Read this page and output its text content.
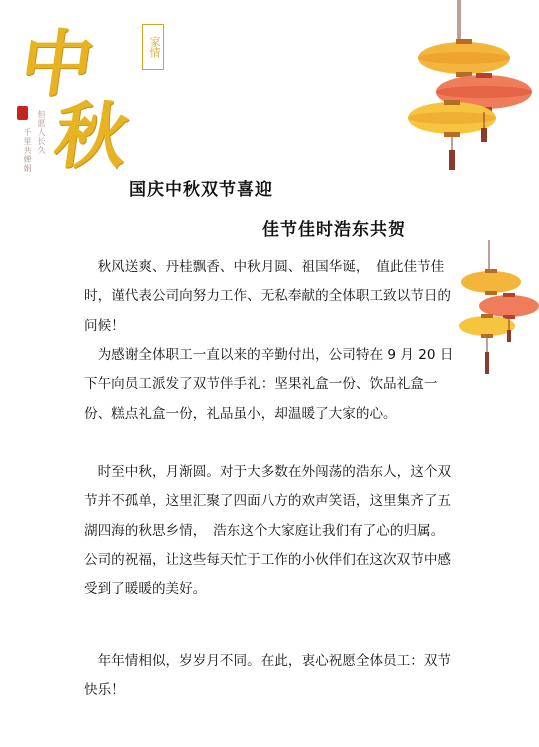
中
秋
家情
但愿人长久
千里共婵娟
国庆中秋双节喜迎
佳节佳时浩东共贺

　秋风送爽、丹桂飘香、中秋月圆、祖国华诞，　值此佳节佳时，谨代表公司向努力工作、无私奉献的全体职工致以节日的问候！

　为感谢全体职工一直以来的辛勤付出，公司特在 9 月 20 日下午向员工派发了双节伴手礼：坚果礼盒一份、饮品礼盒一份、糕点礼盒一份，礼品虽小，却温暖了大家的心。

　时至中秋，月渐圆。对于大多数在外闯荡的浩东人，这个双节并不孤单，这里汇聚了四面八方的欢声笑语，这里集齐了五湖四海的秋思乡情，　浩东这个大家庭让我们有了心的归属。公司的祝福，让这些每天忙于工作的小伙伴们在这次双节中感受到了暖暖的美好。

　年年情相似，岁岁月不同。在此，衷心祝愿全体员工：双节快乐！
